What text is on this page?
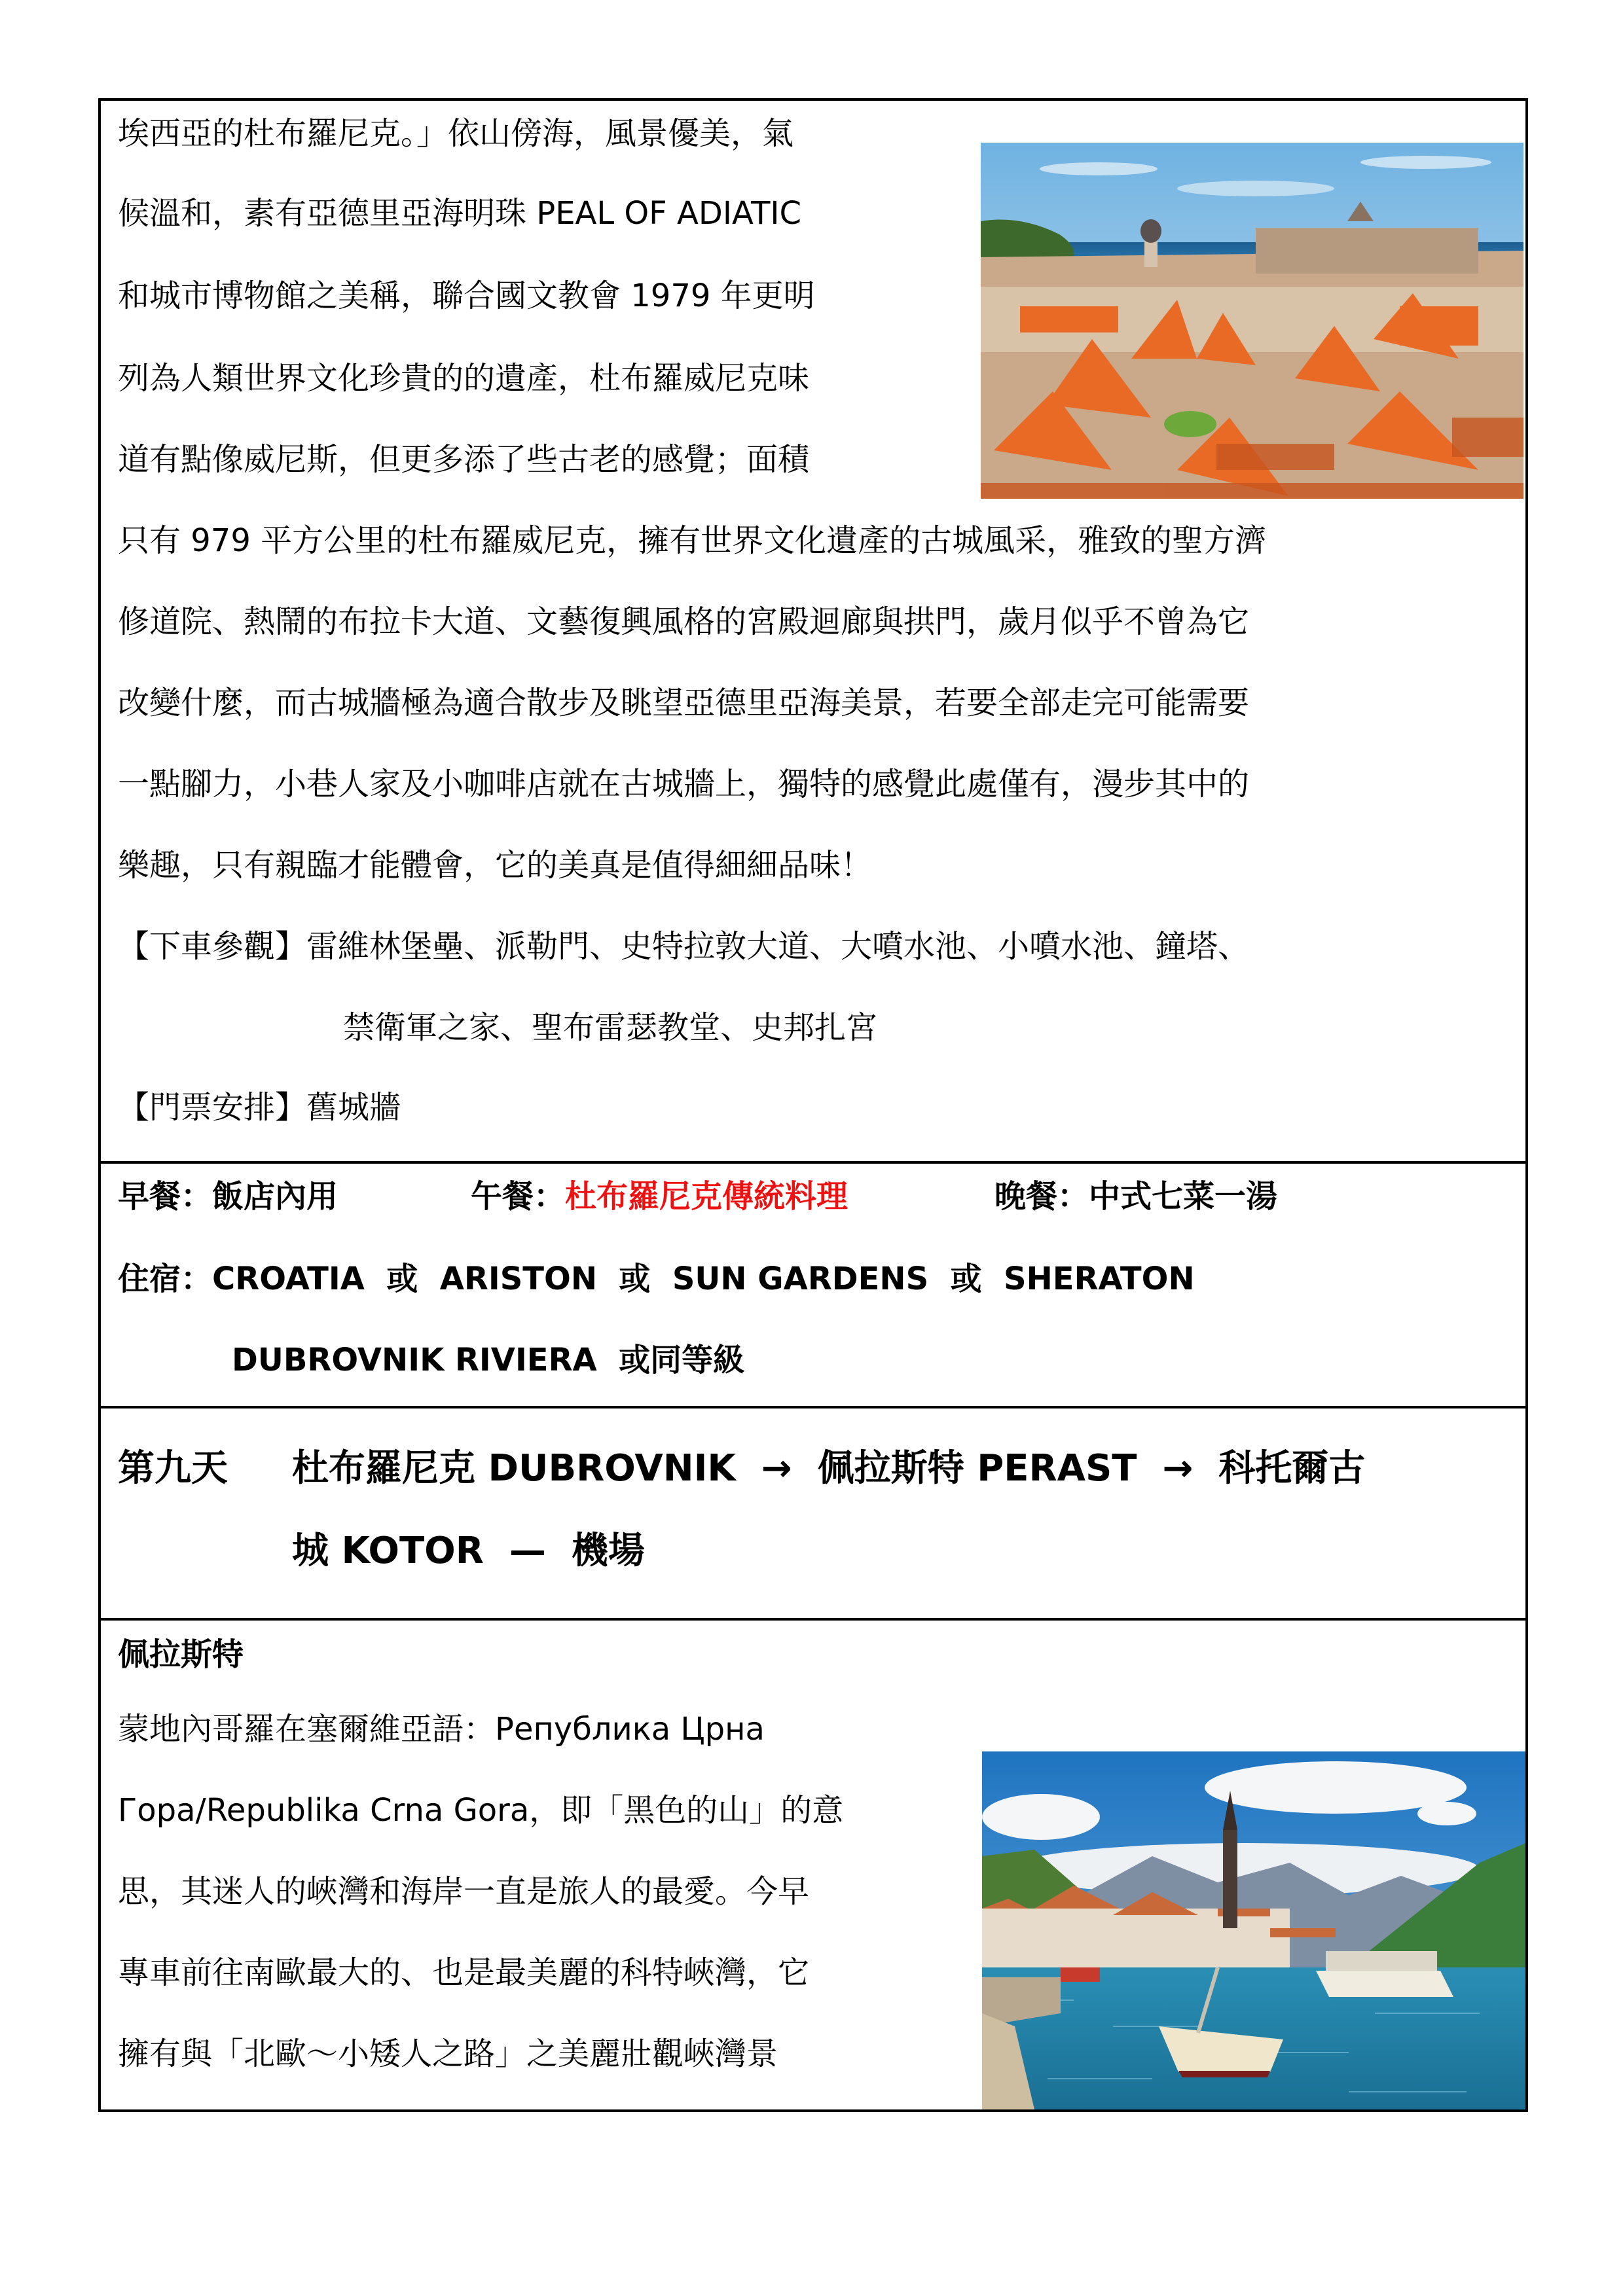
埃西亞的杜布羅尼克。」依山傍海，風景優美，氣
候溫和，素有亞德里亞海明珠 PEAL OF ADIATIC
和城市博物館之美稱，聯合國文教會 1979 年更明
列為人類世界文化珍貴的的遺產，杜布羅威尼克味
道有點像威尼斯，但更多添了些古老的感覺；面積
只有 979 平方公里的杜布羅威尼克，擁有世界文化遺產的古城風采，雅致的聖方濟
修道院、熱鬧的布拉卡大道、文藝復興風格的宮殿迴廊與拱門，歲月似乎不曾為它
改變什麼，而古城牆極為適合散步及眺望亞德里亞海美景，若要全部走完可能需要
一點腳力，小巷人家及小咖啡店就在古城牆上，獨特的感覺此處僅有，漫步其中的
樂趣，只有親臨才能體會，它的美真是值得細細品味！
【下車參觀】雷維林堡壘、派勒門、史特拉敦大道、大噴水池、小噴水池、鐘塔、
禁衛軍之家、聖布雷瑟教堂、史邦扎宮
【門票安排】舊城牆
早餐：飯店內用	午餐：杜布羅尼克傳統料理	晚餐：中式七菜一湯
住宿：CROATIA  或  ARISTON  或  SUN GARDENS  或  SHERATON
DUBROVNIK RIVIERA  或同等級
第九天 杜布羅尼克 DUBROVNIK  →  佩拉斯特 PERAST  →  科托爾古
城 KOTOR  —  機場
佩拉斯特
蒙地內哥羅在塞爾維亞語：Република Црна
Гора/Republika Crna Gora，即「黑色的山」的意
思，其迷人的峽灣和海岸一直是旅人的最愛。今早
專車前往南歐最大的、也是最美麗的科特峽灣，它
擁有與「北歐～小矮人之路」之美麗壯觀峽灣景
